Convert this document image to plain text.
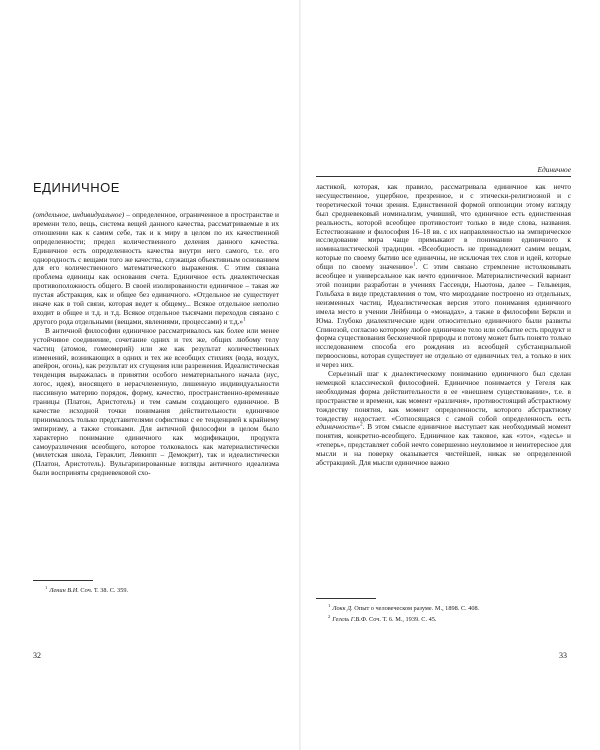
ЕДИНИЧНОЕ

(отдельное, индивидуальное) – определенное, ограниченное в пространстве и времени тело, вещь, система вещей данного качества, рассматриваемые в их отношении как к самим себе, так и к миру в целом по их качественной определенности; предел количественного деления данного качества. Единичное есть определенность качества внутри него самого, т.е. его однородность с вещами того же качества, служащая объективным основанием для его количественного математического выражения. С этим связана проблема единицы как основания счета. Единичное есть диалектическая противоположность общего. В своей изолированности единичное – такая же пустая абстракция, как и общее без единичного. «Отдельное не существует иначе как в той связи, которая ведет к общему... Всякое отдельное неполно входит в общее и т.д. и т.д. Всякое отдельное тысячами переходов связано с другого рода отдельными (вещами, явлениями, процессами) и т.д.»$^1$

В античной философии единичное рассматривалось как более или менее устойчивое соединение, сочетание одних и тех же, общих любому телу частиц (атомов, гомеомерий) или же как результат количественных изменений, возникающих в одних и тех же всеобщих стихиях (вода, воздух, апейрон, огонь), как результат их сгущения или разрежения. Идеалистическая тенденция выражалась в принятии особого нематериального начала (нус, логос, идея), вносящего в нерасчлененную, лишенную индивидуальности пассивную материю порядок, форму, качество, пространственно-временные границы (Платон, Аристотель) и тем самым создающего единичное. В качестве исходной точки понимания действительности единичное принималось только представителями софистики с ее тенденцией к крайнему эмпиризму, а также стоиками. Для античной философии в целом было характерно понимание единичного как модификации, продукта самоуразличения всеобщего, которое толковалось как материалистически (милетская школа, Гераклит, Левкипп – Демокрит), так и идеалистически (Платон, Аристотель). Вульгаризированные взгляды античного идеализма были восприняты средневековой схо-

$^1$ Ленин В.И. Соч. Т. 38. С. 359.
32
Единичное

ластикой, которая, как правило, рассматривала единичное как нечто несущественное, ущербное, презренное, и с этически-религиозной и с теоретической точки зрения. Единственной формой оппозиции этому взгляду был средневековый номинализм, учивший, что единичное есть единственная реальность, которой всеобщее противостоит только в виде слова, названия. Естествознание и философия 16–18 вв. с их направленностью на эмпирическое исследование мира чаще примыкают в понимании единичного к номиналистической традиции. «Всеобщность не принадлежит самим вещам, которые по своему бытию все единичны, не исключая тех слов и идей, которые общи по своему значению»$^1$. С этим связано стремление истолковывать всеобщее и универсальное как нечто единичное. Материалистический вариант этой позиции разработан в учениях Гассенди, Ньютона, далее – Гельвеция, Гольбаха в виде представления о том, что мироздание построено из отдельных, неизменных частиц. Идеалистическая версия этого понимания единичного имела место в учении Лейбница о «монадах», а также в философии Беркли и Юма. Глубоко диалектические идеи относительно единичного были развиты Спинозой, согласно которому любое единичное тело или событие есть продукт и форма существования бесконечной природы и потому может быть понято только исследованием способа его рождения из всеобщей субстанциальной первоосновы, которая существует не отдельно от единичных тел, а только в них и через них.

Серьезный шаг к диалектическому пониманию единичного был сделан немецкой классической философией. Единичное понимается у Гегеля как необходимая форма действительности в ее «внешнем существовании», т.е. в пространстве и времени, как момент «различия», противостоящий абстрактному тождеству понятия, как момент определенности, которого абстрактному тождеству недостает. «Сотносящаяся с самой собой определенность есть единичность»$^2$. В этом смысле единичное выступает как необходимый момент понятия, конкретно-всеобщего. Единичное как таковое, как «это», «здесь» и «теперь», представляет собой нечто совершенно неуловимое и неинтересное для мысли и на поверку оказывается чистейшей, никак не определенной абстракцией. Для мысли единичное важно

$^1$ Локк Д. Опыт о человеческом разуме. М., 1898. С. 408.
$^2$ Гегель Г.В.Ф. Соч. Т. 6. М., 1939. С. 45.
33
